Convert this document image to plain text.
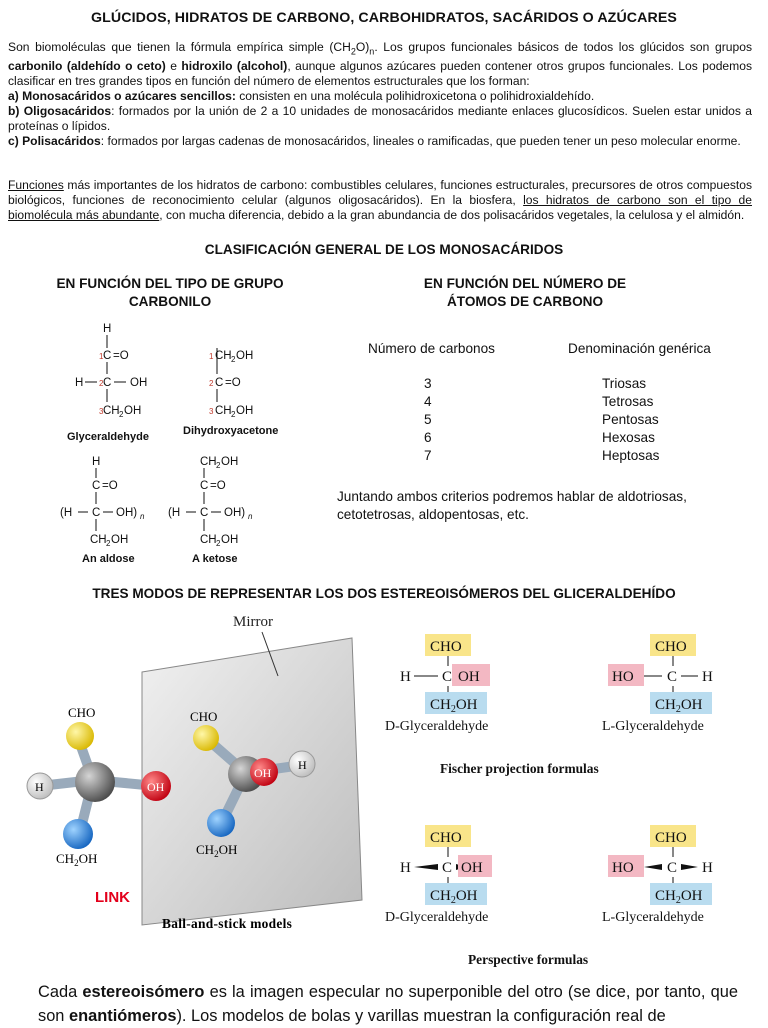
GLÚCIDOS, HIDRATOS DE CARBONO, CARBOHIDRATOS, SACÁRIDOS O AZÚCARES
Son biomoléculas que tienen la fórmula empírica simple $(CH_2O)_n$. Los grupos funcionales básicos de todos los glúcidos son grupos carbonilo (aldehído o ceto) e hidroxilo (alcohol), aunque algunos azúcares pueden contener otros grupos funcionales. Los podemos clasificar en tres grandes tipos en función del número de elementos estructurales que los forman:
a) Monosacáridos o azúcares sencillos: consisten en una molécula polihidroxicetona o polihidroxialdehído.
b) Oligosacáridos: formados por la unión de 2 a 10 unidades de monosacáridos mediante enlaces glucosídicos. Suelen estar unidos a proteínas o lípidos.
c) Polisacáridos: formados por largas cadenas de monosacáridos, lineales o ramificadas, que pueden tener un peso molecular enorme.
Funciones más importantes de los hidratos de carbono: combustibles celulares, funciones estructurales, precursores de otros compuestos biológicos, funciones de reconocimiento celular (algunos oligosacáridos). En la biosfera, los hidratos de carbono son el tipo de biomolécula más abundante, con mucha diferencia, debido a la gran abundancia de dos polisacáridos vegetales, la celulosa y el almidón.
CLASIFICACIÓN GENERAL DE LOS MONOSACÁRIDOS
EN FUNCIÓN DEL TIPO DE GRUPO
CARBONILO
EN FUNCIÓN DEL NÚMERO DE
ÁTOMOS DE CARBONO
H
1 C =O
H 2 C OH
3 CH 2 OH
Glyceraldehyde
1 CH 2 OH
2 C =O
3 CH 2 OH
Dihydroxyacetone
H
C =O
(H C OH) n
CH 2 OH
An aldose
CH 2 OH
C =O
(H C OH) n
CH 2 OH
A ketose
Número de carbonos	Denominación genérica
3	Triosas
4	Tetrosas
5	Pentosas
6	Hexosas
7	Heptosas
Juntando ambos criterios podremos hablar de aldotriosas, cetotetrosas, aldopentosas, etc.
TRES MODOS DE REPRESENTAR LOS DOS ESTEREOISÓMEROS DEL GLICERALDEHÍDO
Mirror
CHO
H	OH
$CH_2OH$
LINK
CHO
H
OH
$CH_2OH$
Ball-and-stick models
CHO
H C OH
$CH_2OH$
D-Glyceraldehyde
CHO
HO C H
$CH_2OH$
L-Glyceraldehyde
Fischer projection formulas
CHO
H C OH
$CH_2OH$
D-Glyceraldehyde
CHO
HO C H
$CH_2OH$
L-Glyceraldehyde
Perspective formulas
Cada estereoisómero es la imagen especular no superponible del otro (se dice, por tanto, que son enantiómeros). Los modelos de bolas y varillas muestran la configuración real de
